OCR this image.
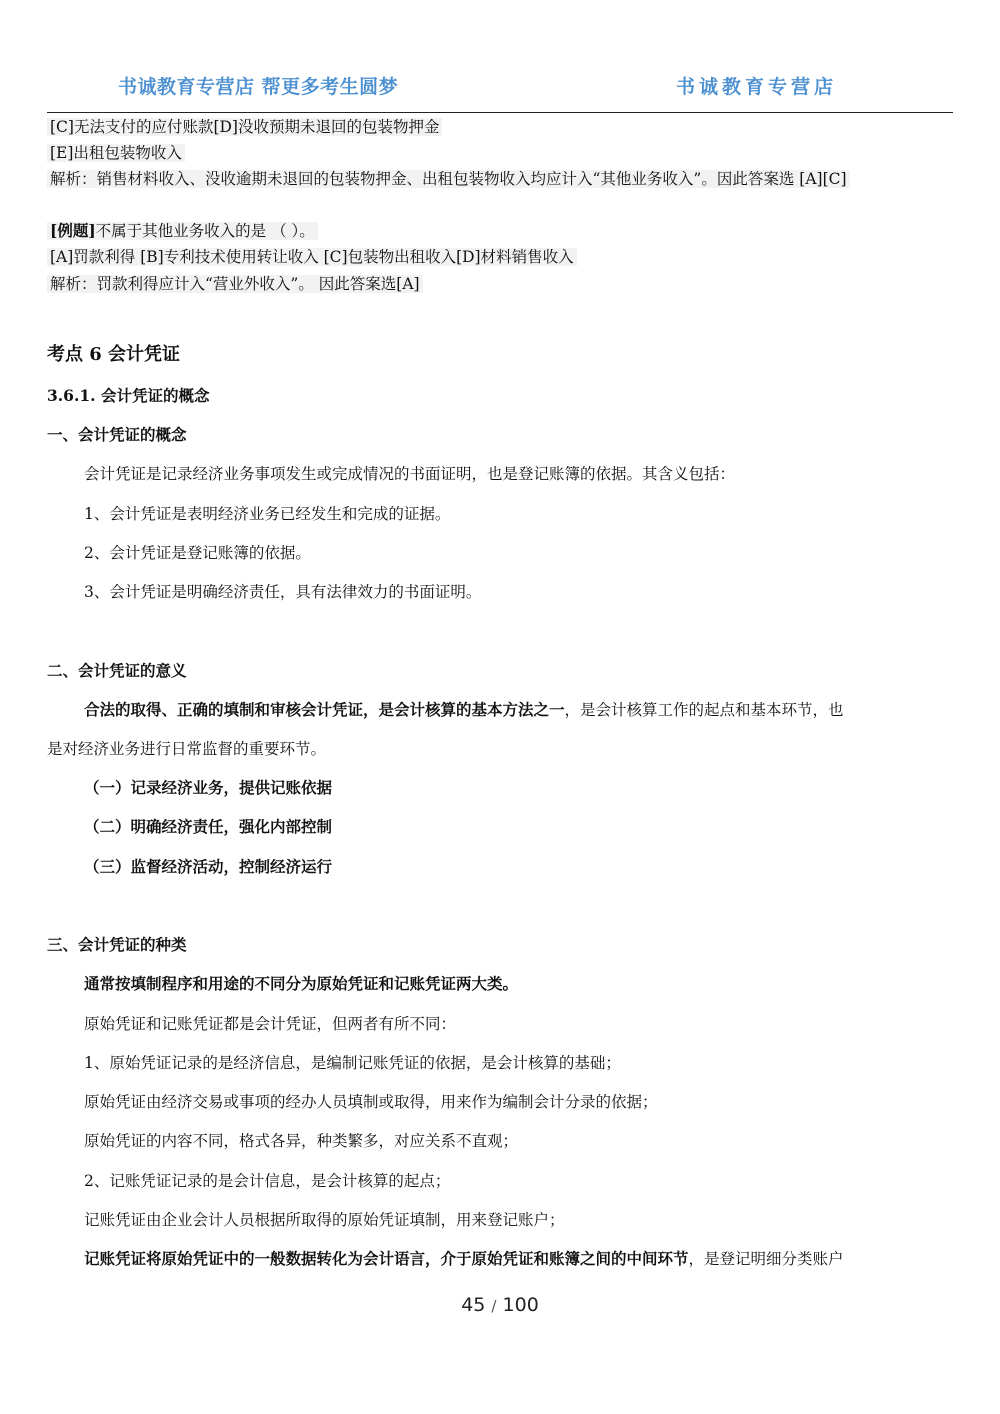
书诚教育专营店 帮更多考生圆梦	书诚教育专营店
[C]无法支付的应付账款[D]没收预期未退回的包装物押金
[E]出租包装物收入
解析：销售材料收入、没收逾期未退回的包装物押金、出租包装物收入均应计入“其他业务收入”。因此答案选 [A][C]
[例题]不属于其他业务收入的是 （ ）。
[A]罚款利得 [B]专利技术使用转让收入 [C]包装物出租收入[D]材料销售收入
解析：罚款利得应计入“营业外收入”。 因此答案选[A]
考点 6 会计凭证
3.6.1. 会计凭证的概念
一、会计凭证的概念
会计凭证是记录经济业务事项发生或完成情况的书面证明，也是登记账簿的依据。其含义包括：
1、会计凭证是表明经济业务已经发生和完成的证据。
2、会计凭证是登记账簿的依据。
3、会计凭证是明确经济责任，具有法律效力的书面证明。
二、会计凭证的意义
合法的取得、正确的填制和审核会计凭证，是会计核算的基本方法之一，是会计核算工作的起点和基本环节，也
是对经济业务进行日常监督的重要环节。
（一）记录经济业务，提供记账依据
（二）明确经济责任，强化内部控制
（三）监督经济活动，控制经济运行
三、会计凭证的种类
通常按填制程序和用途的不同分为原始凭证和记账凭证两大类。
原始凭证和记账凭证都是会计凭证，但两者有所不同：
1、原始凭证记录的是经济信息，是编制记账凭证的依据，是会计核算的基础；
原始凭证由经济交易或事项的经办人员填制或取得，用来作为编制会计分录的依据；
原始凭证的内容不同，格式各异，种类繁多，对应关系不直观；
2、记账凭证记录的是会计信息，是会计核算的起点；
记账凭证由企业会计人员根据所取得的原始凭证填制，用来登记账户；
记账凭证将原始凭证中的一般数据转化为会计语言，介于原始凭证和账簿之间的中间环节，是登记明细分类账户
45 / 100
